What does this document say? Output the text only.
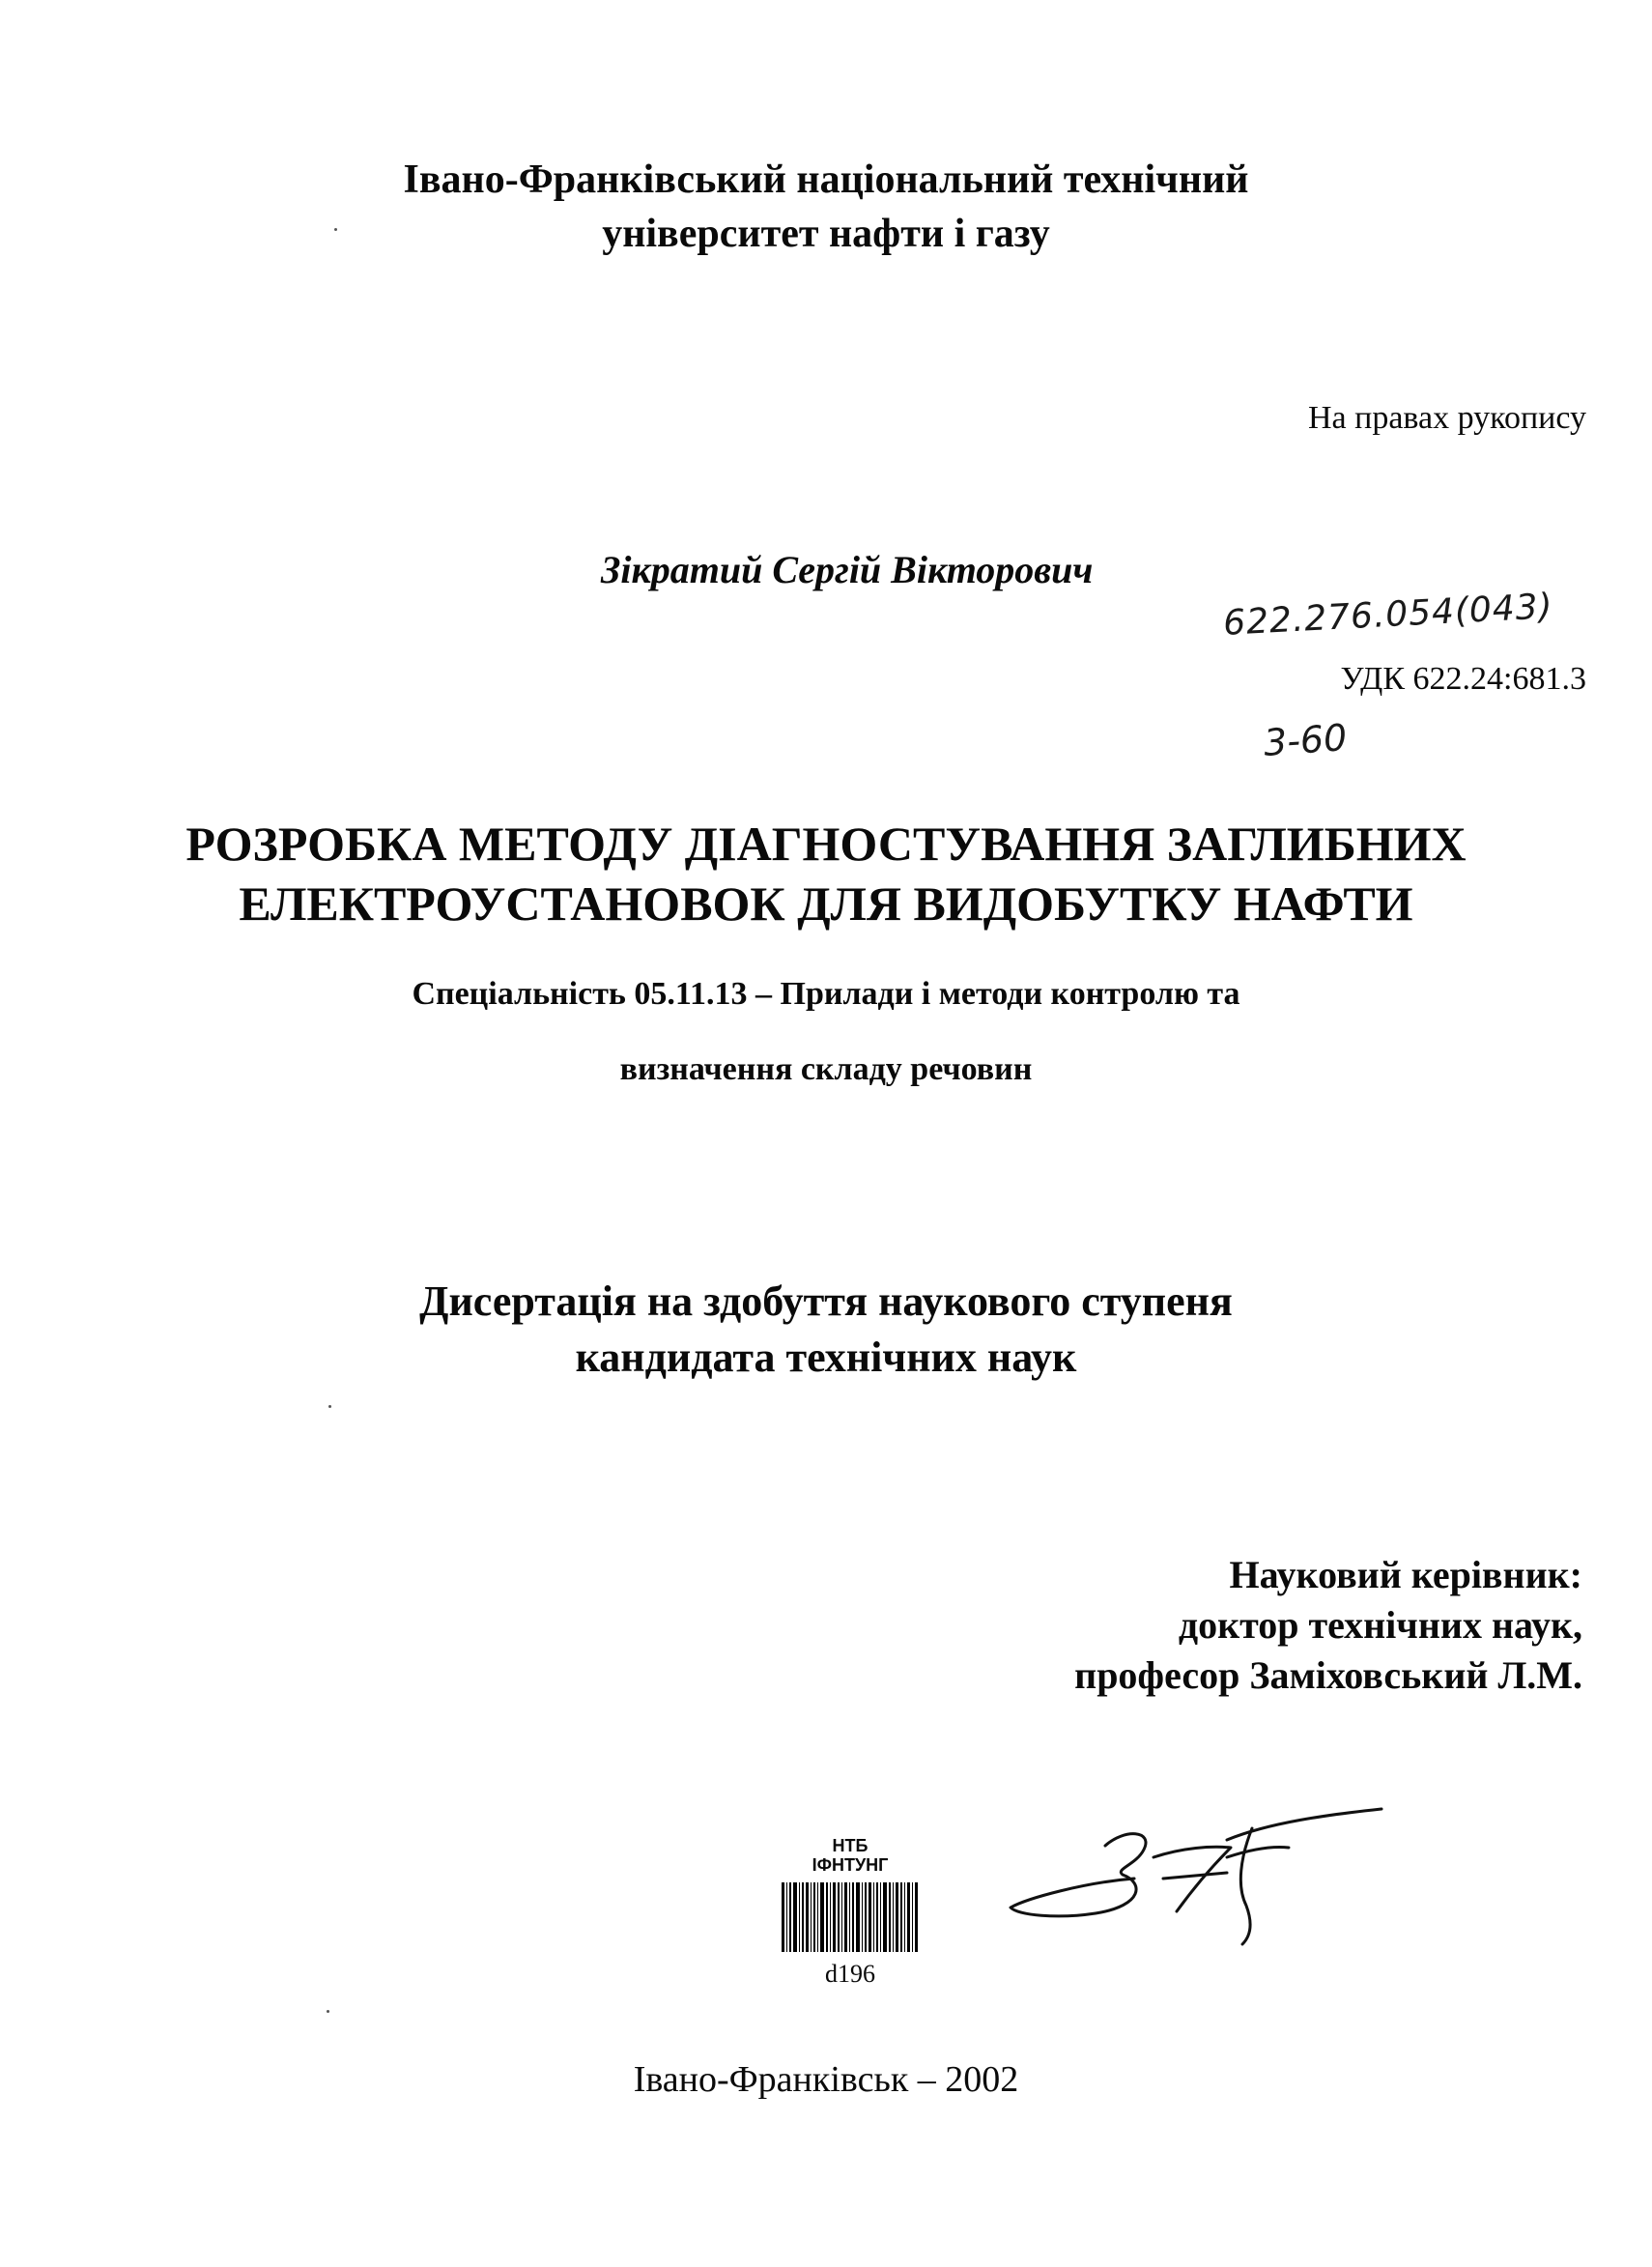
Івано-Франківський національний технічний
університет нафти і газу
На правах рукопису
Зікратий Сергій Вікторович
622.276.054(043)
УДК 622.24:681.3
3-60
РОЗРОБКА МЕТОДУ ДІАГНОСТУВАННЯ ЗАГЛИБНИХ
ЕЛЕКТРОУСТАНОВОК ДЛЯ ВИДОБУТКУ НАФТИ
Спеціальність 05.11.13 – Прилади і методи контролю та
визначення складу речовин
Дисертація на здобуття наукового ступеня
кандидата технічних наук
Науковий керівник:
доктор технічних наук,
професор Заміховський Л.М.
НТБ
ІФНТУНГ
d196
Івано-Франківськ – 2002
